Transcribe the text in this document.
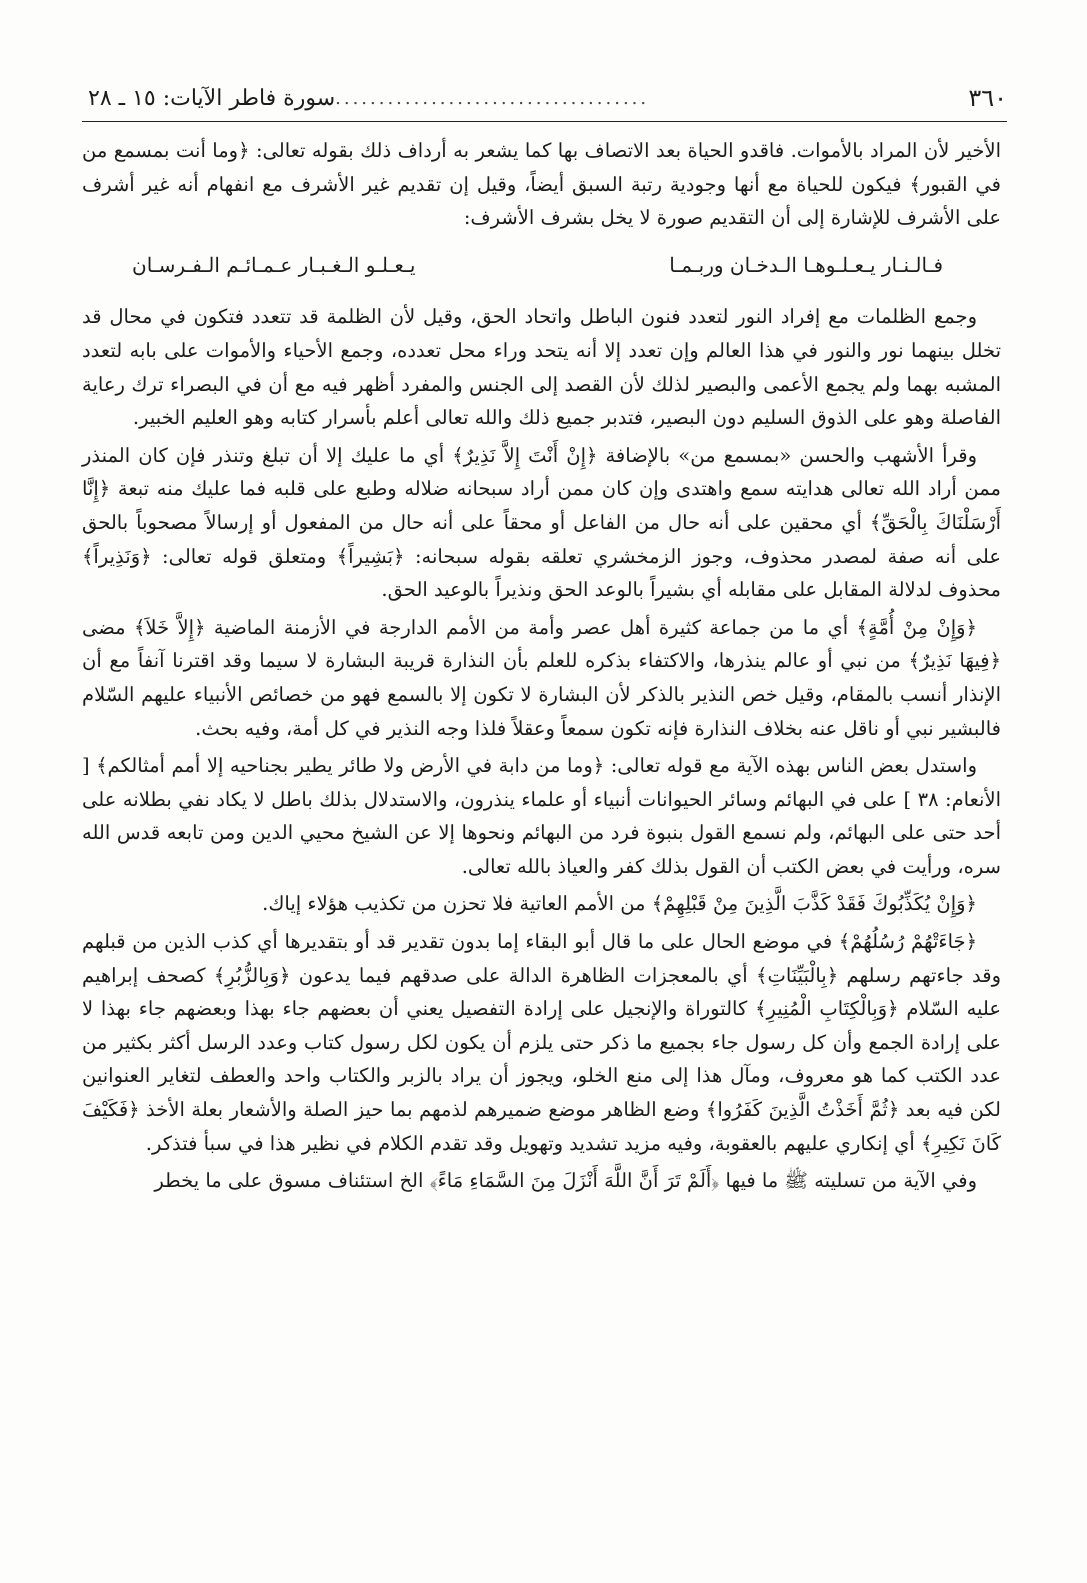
٣٦٠
....................................
سورة فاطر الآيات: ١٥ ـ ٢٨

الأخير لأن المراد بالأموات. فاقدو الحياة بعد الاتصاف بها كما يشعر به أرداف ذلك بقوله تعالى: ﴿وما أنت بمسمع من في القبور﴾ فيكون للحياة مع أنها وجودية رتبة السبق أيضاً، وقيل إن تقديم غير الأشرف مع انفهام أنه غير أشرف على الأشرف للإشارة إلى أن التقديم صورة لا يخل بشرف الأشرف:

فـالـنـار يـعـلـوهـا الـدخـان وربـمـا
يـعـلـو الـغـبـار عـمـائـم الـفـرسـان

وجمع الظلمات مع إفراد النور لتعدد فنون الباطل واتحاد الحق، وقيل لأن الظلمة قد تتعدد فتكون في محال قد تخلل بينهما نور والنور في هذا العالم وإن تعدد إلا أنه يتحد وراء محل تعدده، وجمع الأحياء والأموات على بابه لتعدد المشبه بهما ولم يجمع الأعمى والبصير لذلك لأن القصد إلى الجنس والمفرد أظهر فيه مع أن في البصراء ترك رعاية الفاصلة وهو على الذوق السليم دون البصير، فتدبر جميع ذلك والله تعالى أعلم بأسرار كتابه وهو العليم الخبير.

وقرأ الأشهب والحسن «بمسمع من» بالإضافة ﴿إِنْ أَنْتَ إِلاَّ نَذِيرٌ﴾ أي ما عليك إلا أن تبلغ وتنذر فإن كان المنذر ممن أراد الله تعالى هدايته سمع واهتدى وإن كان ممن أراد سبحانه ضلاله وطبع على قلبه فما عليك منه تبعة ﴿إِنَّا أَرْسَلْنَاكَ بِالْحَقِّ﴾ أي محقين على أنه حال من الفاعل أو محقاً على أنه حال من المفعول أو إرسالاً مصحوباً بالحق على أنه صفة لمصدر محذوف، وجوز الزمخشري تعلقه بقوله سبحانه: ﴿بَشِيراً﴾ ومتعلق قوله تعالى: ﴿وَنَذِيراً﴾ محذوف لدلالة المقابل على مقابله أي بشيراً بالوعد الحق ونذيراً بالوعيد الحق.

﴿وَإِنْ مِنْ أُمَّةٍ﴾ أي ما من جماعة كثيرة أهل عصر وأمة من الأمم الدارجة في الأزمنة الماضية ﴿إِلاَّ خَلاَ﴾ مضى ﴿فِيهَا نَذِيرٌ﴾ من نبي أو عالم ينذرها، والاكتفاء بذكره للعلم بأن النذارة قريبة البشارة لا سيما وقد اقترنا آنفاً مع أن الإنذار أنسب بالمقام، وقيل خص النذير بالذكر لأن البشارة لا تكون إلا بالسمع فهو من خصائص الأنبياء عليهم السّلام فالبشير نبي أو ناقل عنه بخلاف النذارة فإنه تكون سمعاً وعقلاً فلذا وجه النذير في كل أمة، وفيه بحث.

واستدل بعض الناس بهذه الآية مع قوله تعالى: ﴿وما من دابة في الأرض ولا طائر يطير بجناحيه إلا أمم أمثالكم﴾ [ الأنعام: ٣٨ ] على في البهائم وسائر الحيوانات أنبياء أو علماء ينذرون، والاستدلال بذلك باطل لا يكاد نفي بطلانه على أحد حتى على البهائم، ولم نسمع القول بنبوة فرد من البهائم ونحوها إلا عن الشيخ محيي الدين ومن تابعه قدس الله سره، ورأيت في بعض الكتب أن القول بذلك كفر والعياذ بالله تعالى.

﴿وَإِنْ يُكَذِّبُوكَ فَقَدْ كَذَّبَ الَّذِينَ مِنْ قَبْلِهِمْ﴾ من الأمم العاتية فلا تحزن من تكذيب هؤلاء إياك.

﴿جَاءَتْهُمْ رُسُلُهُمْ﴾ في موضع الحال على ما قال أبو البقاء إما بدون تقدير قد أو بتقديرها أي كذب الذين من قبلهم وقد جاءتهم رسلهم ﴿بِالْبَيِّنَاتِ﴾ أي بالمعجزات الظاهرة الدالة على صدقهم فيما يدعون ﴿وَبِالزُّبُرِ﴾ كصحف إبراهيم عليه السّلام ﴿وَبِالْكِتَابِ الْمُنِيرِ﴾ كالتوراة والإنجيل على إرادة التفصيل يعني أن بعضهم جاء بهذا وبعضهم جاء بهذا لا على إرادة الجمع وأن كل رسول جاء بجميع ما ذكر حتى يلزم أن يكون لكل رسول كتاب وعدد الرسل أكثر بكثير من عدد الكتب كما هو معروف، ومآل هذا إلى منع الخلو، ويجوز أن يراد بالزبر والكتاب واحد والعطف لتغاير العنوانين لكن فيه بعد ﴿ثُمَّ أَخَذْتُ الَّذِينَ كَفَرُوا﴾ وضع الظاهر موضع ضميرهم لذمهم بما حيز الصلة والأشعار بعلة الأخذ ﴿فَكَيْفَ كَانَ نَكِيرِ﴾ أي إنكاري عليهم بالعقوبة، وفيه مزيد تشديد وتهويل وقد تقدم الكلام في نظير هذا في سبأ فتذكر.

وفي الآية من تسليته ﷺ ما فيها ﴿أَلَمْ تَرَ أَنَّ اللَّهَ أَنْزَلَ مِنَ السَّمَاءِ مَاءً﴾ الخ استئناف مسوق على ما يخطر
